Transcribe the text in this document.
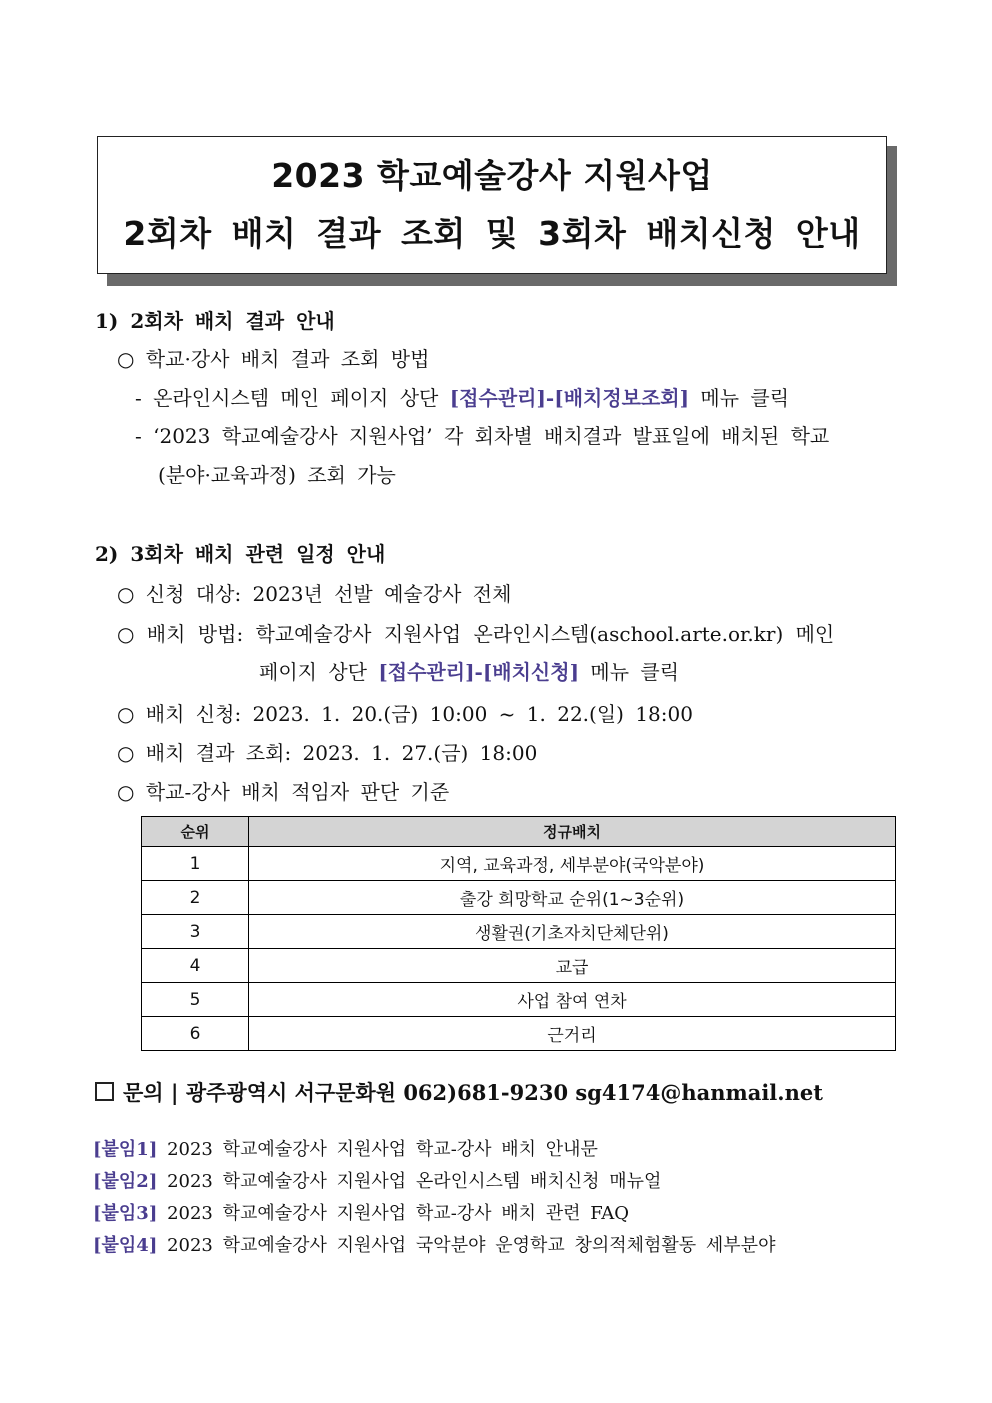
2023 학교예술강사 지원사업
2회차 배치 결과 조회 및 3회차 배치신청 안내
1) 2회차 배치 결과 안내
○ 학교·강사 배치 결과 조회 방법
- 온라인시스템 메인 페이지 상단 [접수관리]-[배치정보조회] 메뉴 클릭
- ‘2023 학교예술강사 지원사업’ 각 회차별 배치결과 발표일에 배치된 학교
(분야·교육과정) 조회 가능
2) 3회차 배치 관련 일정 안내
○ 신청 대상: 2023년 선발 예술강사 전체
○ 배치 방법: 학교예술강사 지원사업 온라인시스템(aschool.arte.or.kr) 메인
페이지 상단 [접수관리]-[배치신청] 메뉴 클릭
○ 배치 신청: 2023. 1. 20.(금) 10:00 ~ 1. 22.(일) 18:00
○ 배치 결과 조회: 2023. 1. 27.(금) 18:00
○ 학교-강사 배치 적임자 판단 기준
순위	정규배치
1	지역, 교육과정, 세부분야(국악분야)
2	출강 희망학교 순위(1~3순위)
3	생활권(기초자치단체단위)
4	교급
5	사업 참여 연차
6	근거리
문의 | 광주광역시 서구문화원 062)681-9230 sg4174@hanmail.net
[붙임1] 2023 학교예술강사 지원사업 학교-강사 배치 안내문
[붙임2] 2023 학교예술강사 지원사업 온라인시스템 배치신청 매뉴얼
[붙임3] 2023 학교예술강사 지원사업 학교-강사 배치 관련 FAQ
[붙임4] 2023 학교예술강사 지원사업 국악분야 운영학교 창의적체험활동 세부분야
